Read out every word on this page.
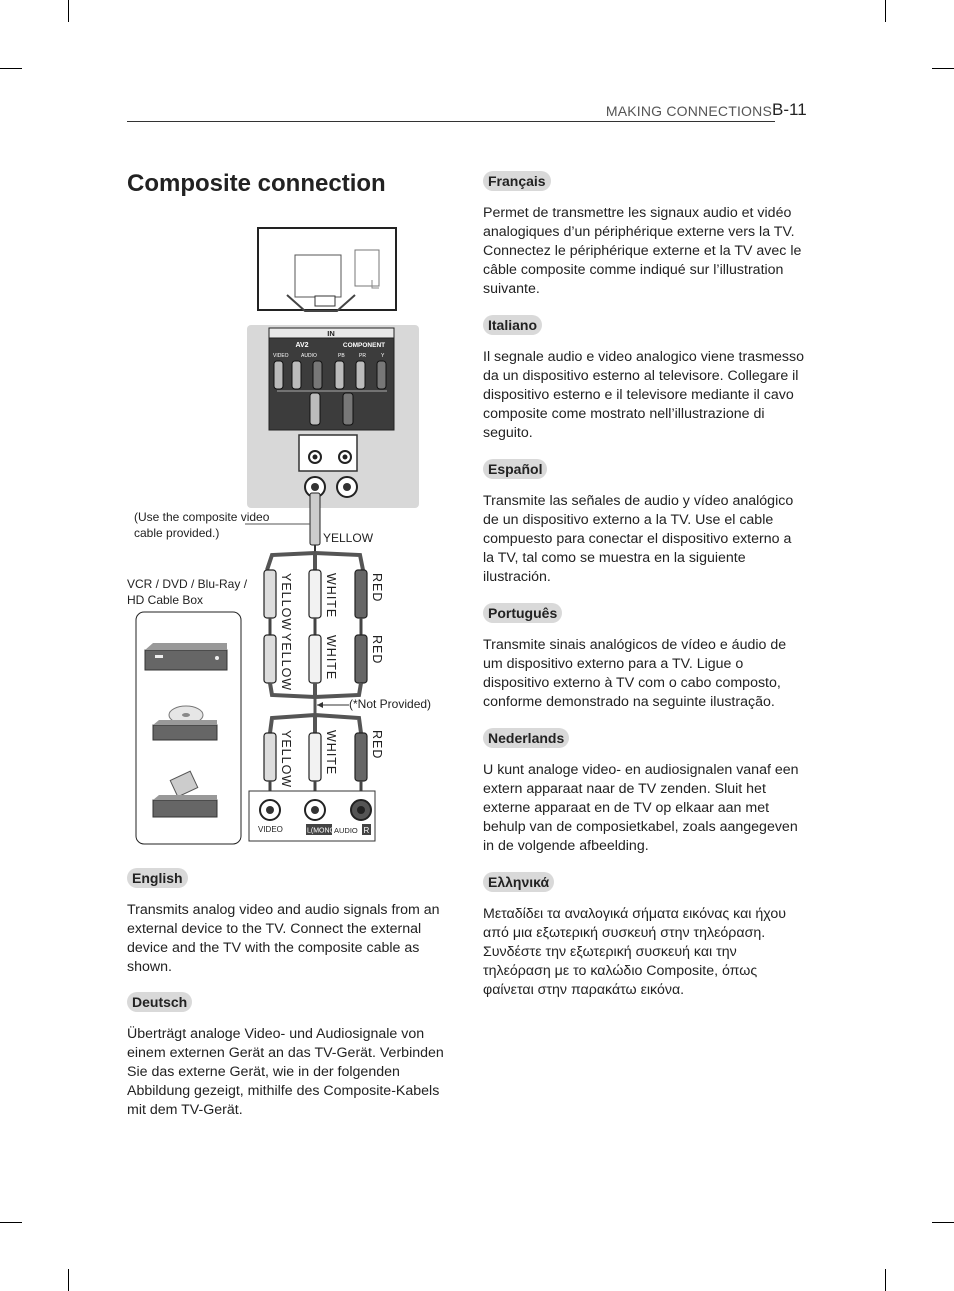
MAKING CONNECTIONS B-11
Composite connection
IN
AV2	COMPONENT
VIDEO AUDIO	PB	PR	Y
VIDEO	L(MONO)
AUDIO R
(Use the composite video cable provided.)	YELLOW
VCR / DVD / Blu-Ray / HD Cable Box
(*Not Provided)
YELLOW WHITE	RED
YELLOW WHITE	RED
YELLOW WHITE	RED
English
Transmits analog video and audio signals from an external device to the TV. Connect the external device and the TV with the composite cable as shown.
Deutsch
Überträgt analoge Video- und Audiosignale von einem externen Gerät an das TV-Gerät. Verbinden Sie das externe Gerät, wie in der folgenden Abbildung gezeigt, mithilfe des Composite-Kabels mit dem TV-Gerät.
Français
Permet de transmettre les signaux audio et vidéo analogiques d’un périphérique externe vers la TV. Connectez le périphérique externe et la TV avec le câble composite comme indiqué sur l’illustration suivante.
Italiano
Il segnale audio e video analogico viene trasmesso da un dispositivo esterno al televisore. Collegare il dispositivo esterno e il televisore mediante il cavo composite come mostrato nell’illustrazione di seguito.
Español
Transmite las señales de audio y vídeo analógico de un dispositivo externo a la TV. Use el cable compuesto para conectar el dispositivo externo a la TV, tal como se muestra en la siguiente ilustración.
Português
Transmite sinais analógicos de vídeo e áudio de um dispositivo externo para a TV. Ligue o dispositivo externo à TV com o cabo composto, conforme demonstrado na seguinte ilustração.
Nederlands
U kunt analoge video- en audiosignalen vanaf een extern apparaat naar de TV zenden. Sluit het externe apparaat en de TV op elkaar aan met behulp van de composietkabel, zoals aangegeven in de volgende afbeelding.
Ελληνικά
Μεταδίδει τα αναλογικά σήματα εικόνας και ήχου από μια εξωτερική συσκευή στην τηλεόραση. Συνδέστε την εξωτερική συσκευή και την τηλεόραση με το καλώδιο Composite, όπως φαίνεται στην παρακάτω εικόνα.
